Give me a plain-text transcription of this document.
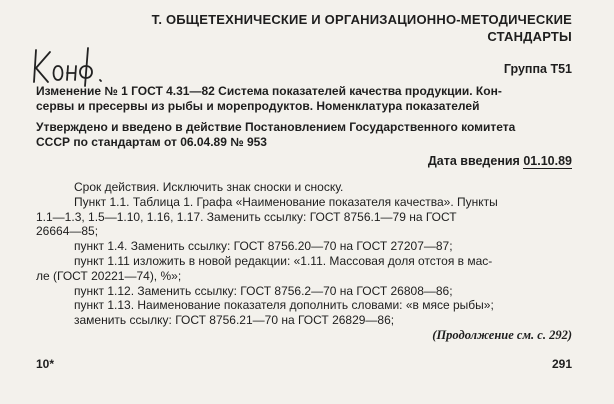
Т. ОБЩЕТЕХНИЧЕСКИЕ И ОРГАНИЗАЦИОННО-МЕТОДИЧЕСКИЕ
СТАНДАРТЫ
Группа Т51
Изменение № 1 ГОСТ 4.31—82 Система показателей качества продукции. Кон-
сервы и пресервы из рыбы и морепродуктов. Номенклатура показателей
Утверждено и введено в действие Постановлением Государственного комитета
СССР по стандартам от 06.04.89 № 953
Дата введения 01.10.89
Срок действия. Исключить знак сноски и сноску.
Пункт 1.1. Таблица 1. Графа «Наименование показателя качества». Пункты
1.1—1.3, 1.5—1.10, 1.16, 1.17. Заменить ссылку: ГОСТ 8756.1—79 на ГОСТ
26664—85;
пункт 1.4. Заменить ссылку: ГОСТ 8756.20—70 на ГОСТ 27207—87;
пункт 1.11 изложить в новой редакции: «1.11. Массовая доля отстоя в мас-
ле (ГОСТ 20221—74), %»;
пункт 1.12. Заменить ссылку: ГОСТ 8756.2—70 на ГОСТ 26808—86;
пункт 1.13. Наименование показателя дополнить словами: «в мясе рыбы»;
заменить ссылку: ГОСТ 8756.21—70 на ГОСТ 26829—86;
(Продолжение см. с. 292)
10*	291
